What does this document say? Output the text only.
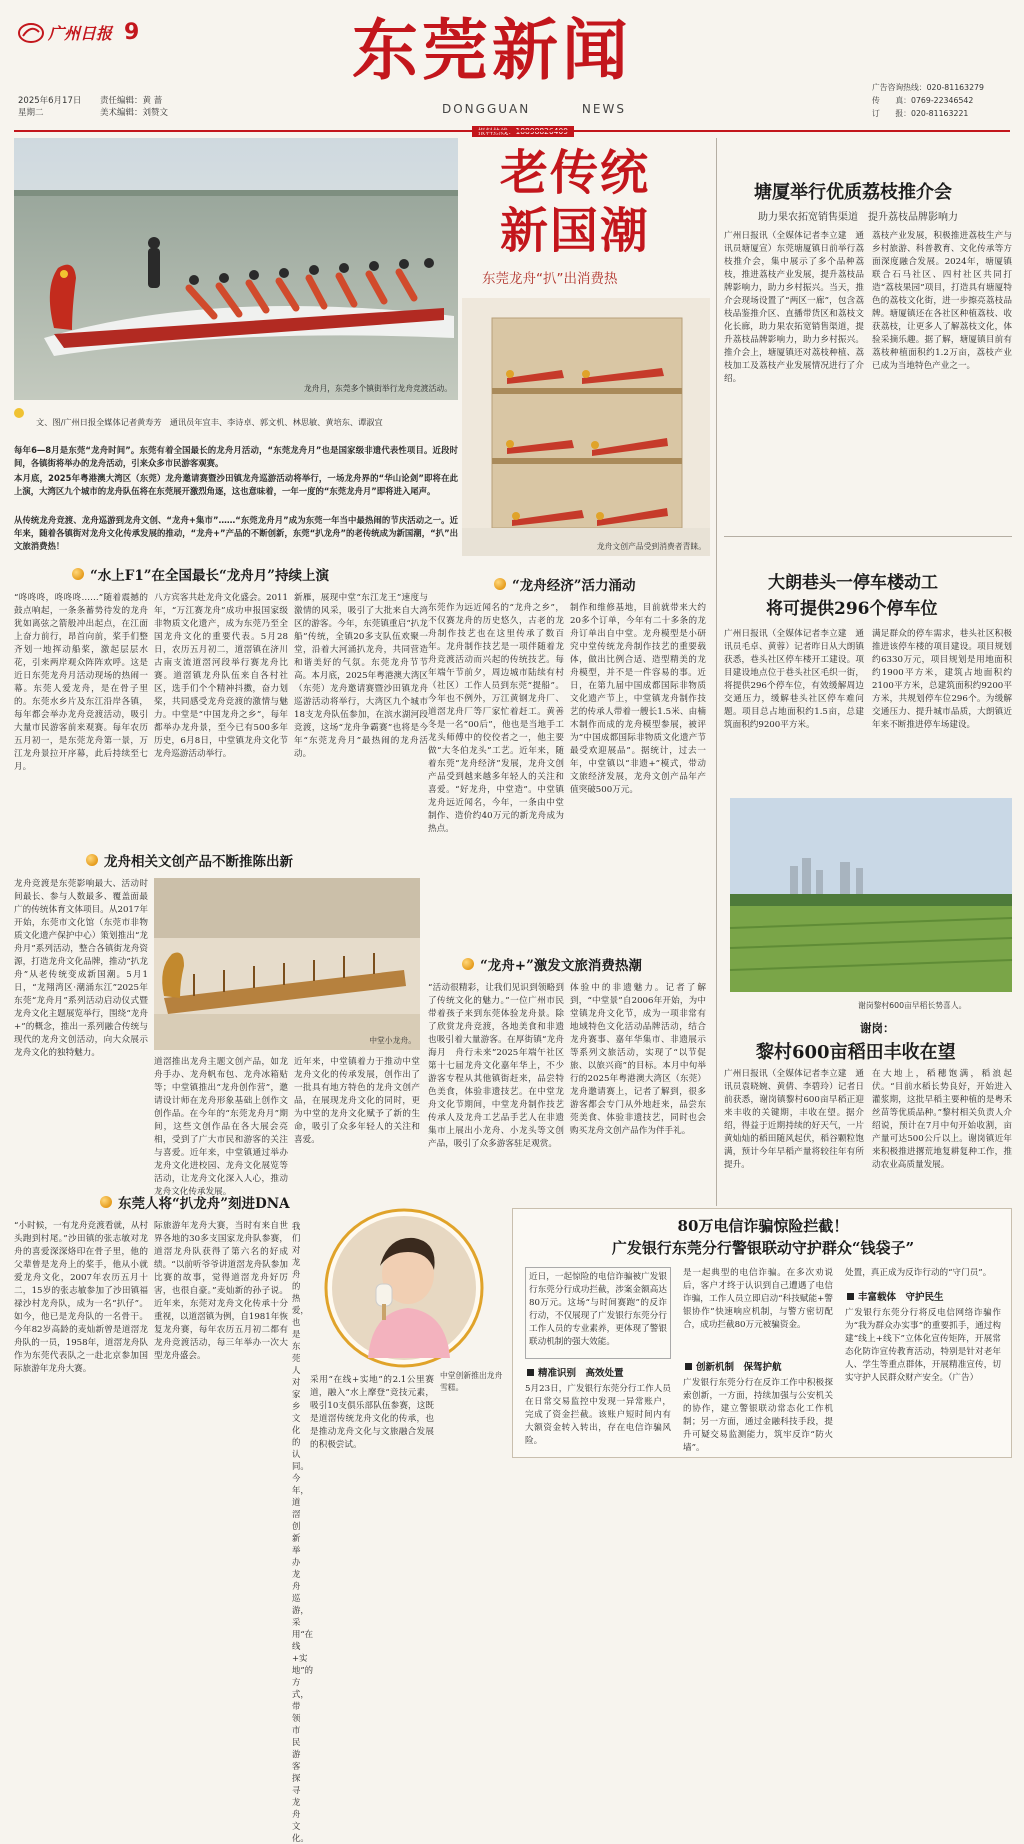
广州日报 9
2025年6月17日
星期二
责任编辑：黄 蔷
美术编辑：刘赞文
东莞新闻
DONGGUAN	NEWS
广告咨询热线：020-81163279
传　　真：0769-22346542
订　　报：020-81163221
龙舟月，东莞多个镇街举行龙舟竞渡活动。
老传统
新国潮
东莞龙舟“扒”出消费热
龙舟文创产品受到消费者青睐。
文、图/广州日报全媒体记者黄寿芳　通讯员年宜丰、李诗卓、郭文机、林思敏、黄培东、谭淑宜
每年6—8月是东莞“龙舟时间”。东莞有着全国最长的龙舟月活动，“东莞龙舟月”也是国家级非遗代表性项目。近段时间，各镇街将举办的龙舟活动，引来众多市民游客观赛。
本月底，2025年粤港澳大湾区（东莞）龙舟邀请赛暨沙田镇龙舟巡游活动将举行，一场龙舟界的“华山论剑”即将在此上演，大湾区九个城市的龙舟队伍将在东莞展开激烈角逐，这也意味着，一年一度的“东莞龙舟月”即将进入尾声。
从传统龙舟竞渡、龙舟巡游到龙舟文创、“龙舟+集市”……“东莞龙舟月”成为东莞一年当中最热闹的节庆活动之一。近年来，随着各镇街对龙舟文化传承发展的推动，“龙舟+”产品的不断创新，东莞“扒龙舟”的老传统成为新国潮，“扒”出文旅消费热！
“水上F1”在全国最长“龙舟月”持续上演
“咚咚咚，咚咚咚……”随着震撼的鼓点响起，一条条蓄势待发的龙舟犹如离弦之箭般冲出起点，在江面上奋力前行，昂首向前，桨手们整齐划一地挥动船桨，激起层层水花，引来两岸观众阵阵欢呼。这是近日东莞龙舟月活动现场的热闹一幕。东莞人爱龙舟，是在骨子里的。东莞水乡片及东江沿岸各镇，每年都会举办龙舟竞渡活动，吸引大量市民游客前来观赛。每年农历五月初一，是东莞龙舟第一景，万江龙舟景拉开序幕，此后持续至七月。
八方宾客共赴龙舟文化盛会。2011年，“万江赛龙舟”成功申报国家级非物质文化遗产，成为东莞乃至全国龙舟文化的重要代表。5月28日，农历五月初二，道滘镇在济川古南支流道滘河段举行赛龙舟比赛。道滘镇龙舟队伍来自各村社区，选手们个个精神抖擞，奋力划桨，共同感受龙舟竞渡的激情与魅力。中堂是“中国龙舟之乡”，每年都举办龙舟景，至今已有500多年历史，6月8日，中堂镇龙舟文化节龙舟巡游活动举行。
新雁，展现中堂“东江龙王”速度与激情的风采，吸引了大批来自大湾区的游客。今年，东莞镇重启“扒龙船”传统，全镇20多支队伍欢聚一堂，沿着大河涌扒龙舟，共同营造和谐美好的气氛。东莞龙舟节节高。本月底，2025年粤港澳大湾区（东莞）龙舟邀请赛暨沙田镇龙舟巡游活动将举行，大湾区九个城市18支龙舟队伍参加，在滨水湖河段竞渡，这场“龙舟争霸赛”也将是今年“东莞龙舟月”最热闹的龙舟活动。
龙舟相关文创产品不断推陈出新
龙舟竞渡是东莞影响最大、活动时间最长、参与人数最多、覆盖面最广的传统体育文体项目。从2017年开始，东莞市文化馆（东莞市非物质文化遗产保护中心）策划推出“龙舟月”系列活动，整合各镇街龙舟资源，打造龙舟文化品牌，推动“扒龙舟”从老传统变成新国潮。5月1日，“龙翔湾区·潮涌东江”2025年东莞“龙舟月”系列活动启动仪式暨龙舟文化主题展览举行，围绕“龙舟+”的概念，推出一系列融合传统与现代的龙舟文创活动，向大众展示龙舟文化的独特魅力。
中堂小龙舟。
道滘推出龙舟主题文创产品，如龙舟手办、龙舟帆布包、龙舟冰箱贴等；中堂镇推出“龙舟创作营”，邀请设计师在龙舟形象基础上创作文创作品。在今年的“东莞龙舟月”期间，这些文创作品在各大展会亮相，受到了广大市民和游客的关注与喜爱。近年来，中堂镇通过举办龙舟文化进校园、龙舟文化展览等活动，让龙舟文化深入人心，推动龙舟文化传承发展。
近年来，中堂镇着力于推动中堂龙舟文化的传承发展，创作出了一批具有地方特色的龙舟文创产品，在展现龙舟文化的同时，更为中堂的龙舟文化赋予了新的生命，吸引了众多年轻人的关注和喜爱。
东莞人将“扒龙舟”刻进DNA
“小时候，一有龙舟竞渡看就，从村头跑到村尾。”沙田镇的张志敏对龙舟的喜爱深深烙印在骨子里，他的父辈曾是龙舟上的桨手，他从小就爱龙舟文化，2007年农历五月十二，15岁的张志敏参加了沙田镇福禄沙村龙舟队，成为一名“扒仔”。如今，他已是龙舟队的一名骨干。今年82岁高龄的麦灿新曾是道滘龙舟队的一员，1958年，道滘龙舟队作为东莞代表队之一赴北京参加国际旅游年龙舟大赛。
际旅游年龙舟大赛，当时有来自世界各地的30多支国家龙舟队参赛，道滘龙舟队获得了第六名的好成绩。“以前听爷爷讲道滘龙舟队参加比赛的故事，觉得道滘龙舟好厉害，也很自豪。”麦灿新的孙子说。近年来，东莞对龙舟文化传承十分重视，以道滘镇为例，自1981年恢复龙舟赛，每年农历五月初二都有龙舟竞渡活动，每三年举办一次大型龙舟盛会。
我们对龙舟的热爱，也是东莞人对家乡文化的认同。今年，道滘创新举办龙舟巡游，采用“在线+实地”的方式，带领市民游客探寻龙舟文化。
中堂创新推出龙舟
雪糕。
采用“在线+实地”的2.1公里赛道，融入“水上摩登”竞技元素，吸引10支俱乐部队伍参赛，这既是道滘传统龙舟文化的传承，也是推动龙舟文化与文旅融合发展的积极尝试。
“龙舟经济”活力涌动
东莞作为远近闻名的“龙舟之乡”，不仅赛龙舟的历史悠久，古老的龙舟制作技艺也在这里传承了数百年。龙舟制作技艺是一项伴随着龙舟竞渡活动而兴起的传统技艺。每年端午节前夕，周边城市陆续有村（社区）工作人员到东莞“提船”。今年也不例外，万江黄钢龙舟厂、道滘龙舟厂等厂家忙着赶工。黄善冬是一名“00后”，他也是当地手工龙头师傅中的佼佼者之一，他主要做“大冬伯龙头”工艺。近年来，随着东莞“龙舟经济”发展，龙舟文创产品受到越来越多年轻人的关注和喜爱。“好龙舟，中堂造”。中堂镇龙舟远近闻名，今年，一条由中堂制作、造价约40万元的新龙舟成为热点。
制作和维修基地，目前就带来大约20多个订单，今年有二十多条的龙舟订单出自中堂。龙舟模型是小研究中堂传统龙舟制作技艺的重要载体，做出比例合适、造型精美的龙舟模型，并不是一件容易的事。近日，在第九届中国成都国际非物质文化遗产节上，中堂镇龙舟制作技艺的传承人带着一艘长1.5米、由楠木制作而成的龙舟模型参展，被评为“中国成都国际非物质文化遗产节最受欢迎展品”。据统计，过去一年，中堂镇以“非遗+”模式，带动文旅经济发展，龙舟文创产品年产值突破500万元。
“龙舟+”激发文旅消费热潮
“活动很精彩，让我们见识到领略到了传统文化的魅力。”一位广州市民带着孩子来到东莞体验龙舟景。除了欣赏龙舟竞渡，各地美食和非遗也吸引着大量游客。在厚街镇“龙舟海月　舟行未来”2025年端午社区第十七届龙舟文化嘉年华上，不少游客专程从其他镇街赶来，品尝特色美食，体验非遗技艺。在中堂龙舟文化节期间，中堂龙舟制作技艺传承人及龙舟工艺品手艺人在非遗集市上展出小龙舟、小龙头等文创产品，吸引了众多游客驻足观赏。
体验中的非遗魅力。记者了解到，“中堂景”自2006年开始，为中堂镇龙舟文化节，成为一项非常有地域特色文化活动品牌活动，结合龙舟赛事、嘉年华集市、非遗展示等系列文旅活动，实现了“以节促旅、以旅兴商”的目标。本月中旬举行的2025年粤港澳大湾区（东莞）龙舟邀请赛上，记者了解到，很多游客都会专门从外地赶来，品尝东莞美食、体验非遗技艺，同时也会购买龙舟文创产品作为伴手礼。
塘厦举行优质荔枝推介会
助力果农拓宽销售渠道　提升荔枝品牌影响力
广州日报讯（全媒体记者李立建　通讯员塘厦宣）东莞塘厦镇日前举行荔枝推介会，集中展示了多个品种荔枝，推进荔枝产业发展，提升荔枝品牌影响力，助力乡村振兴。当天，推介会现场设置了“两区一廊”，包含荔枝品鉴推介区、直播带货区和荔枝文化长廊，助力果农拓宽销售渠道，提升荔枝品牌影响力，助力乡村振兴。推介会上，塘厦镇还对荔枝种植、荔枝加工及荔枝产业发展情况进行了介绍。
荔枝产业发展，积极推进荔枝生产与乡村旅游、科普教育、文化传承等方面深度融合发展。2024年，塘厦镇联合石马社区、四村社区共同打造“荔枝果园”项目，打造具有塘厦特色的荔枝文化街，进一步擦亮荔枝品牌。塘厦镇还在各社区种植荔枝、收获荔枝，让更多人了解荔枝文化，体验采摘乐趣。据了解，塘厦镇目前有荔枝种植面积约1.2万亩，荔枝产业已成为当地特色产业之一。
大朗巷头一停车楼动工
将可提供296个停车位
广州日报讯（全媒体记者李立建　通讯员毛卓、黄蓉）记者昨日从大朗镇获悉，巷头社区停车楼开工建设。项目建设地点位于巷头社区毛织一街，将提供296个停车位，有效缓解周边交通压力，缓解巷头社区停车难问题。项目总占地面积约1.5亩，总建筑面积约9200平方米。
满足群众的停车需求，巷头社区积极推进该停车楼的项目建设。项目规划约6330万元，项目规划是用地面积约1900平方米，建筑占地面积约2100平方米，总建筑面积约9200平方米，共规划停车位296个。为缓解交通压力、提升城市品质，大朗镇近年来不断推进停车场建设。
谢岗黎村600亩早稻长势喜人。
谢岗：
黎村600亩稻田丰收在望
广州日报讯（全媒体记者李立建　通讯员袁晓婉、黄倩、李碧玲）记者日前获悉，谢岗镇黎村600亩早稻正迎来丰收的关键期，丰收在望。据介绍，得益于近期持续的好天气，一片黄灿灿的稻田随风起伏，稻谷颗粒饱满，预计今年早稻产量将较往年有所提升。
在大地上，稻穗饱满，稻浪起伏。“目前水稻长势良好，开始进入灌浆期，这批早稻主要种植的是粤禾丝苗等优质品种。”黎村相关负责人介绍说，预计在7月中旬开始收割，亩产量可达500公斤以上。谢岗镇近年来积极推进撂荒地复耕复种工作，推动农业高质量发展。
80万电信诈骗惊险拦截！
广发银行东莞分行警银联动守护群众“钱袋子”
近日，一起惊险的电信诈骗被广发银行东莞分行成功拦截，涉案金额高达80万元。这场“与时间赛跑”的反诈行动，不仅展现了广发银行东莞分行工作人员的专业素养，更体现了警银联动机制的强大效能。
精准识别　高效处置
5月23日，广发银行东莞分行工作人员在日常交易监控中发现一异常账户，完成了资金拦截。该账户短时间内有大额资金转入转出，存在电信诈骗风险。
是一起典型的电信诈骗。在多次劝说后，客户才终于认识到自己遭遇了电信诈骗，工作人员立即启动“科技赋能+警银协作”快速响应机制，与警方密切配合，成功拦截80万元被骗资金。
创新机制　保驾护航
广发银行东莞分行在反诈工作中积极探索创新，一方面，持续加强与公安机关的协作，建立警银联动常态化工作机制；另一方面，通过金融科技手段，提升可疑交易监测能力，筑牢反诈“防火墙”。
处置，真正成为反诈行动的“守门员”。
丰富载体　守护民生
广发银行东莞分行将反电信网络诈骗作为“我为群众办实事”的重要抓手，通过构建“线上+线下”立体化宣传矩阵，开展常态化防诈宣传教育活动，特别是针对老年人、学生等重点群体，开展精准宣传，切实守护人民群众财产安全。（广告）
